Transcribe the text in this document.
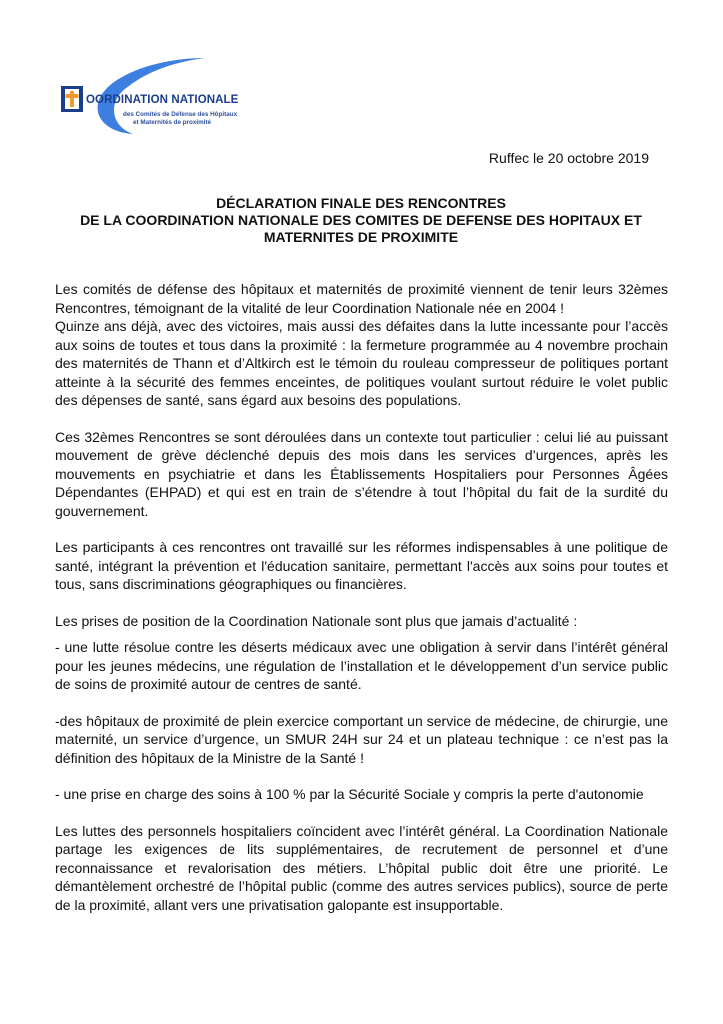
OORDINATION NATIONALE
des Comités de Défense des Hôpitaux
et Maternités de proximité
Ruffec le 20 octobre 2019
DÉCLARATION FINALE DES RENCONTRES
DE LA COORDINATION NATIONALE DES COMITES DE DEFENSE DES HOPITAUX ET
MATERNITES DE PROXIMITE

Les comités de défense des hôpitaux et maternités de proximité viennent de tenir leurs 32èmes Rencontres, témoignant de la vitalité de leur Coordination Nationale née en 2004 !

Quinze ans déjà, avec des victoires, mais aussi des défaites dans la lutte incessante pour l’accès aux soins de toutes et tous dans la proximité : la fermeture programmée au 4 novembre prochain des maternités de Thann et d’Altkirch est le témoin du rouleau compresseur de politiques portant atteinte à la sécurité des femmes enceintes, de politiques voulant surtout réduire le volet public des dépenses de santé, sans égard aux besoins des populations.

Ces 32èmes Rencontres se sont déroulées dans un contexte tout particulier : celui lié au puissant mouvement de grève déclenché depuis des mois dans les services d’urgences, après les mouvements en psychiatrie et dans les Établissements Hospitaliers pour Personnes Âgées Dépendantes (EHPAD) et qui est en train de s’étendre à tout l’hôpital du fait de la surdité du gouvernement.

Les participants à ces rencontres ont travaillé sur les réformes indispensables à une politique de santé, intégrant la prévention et l'éducation sanitaire, permettant l'accès aux soins pour toutes et tous, sans discriminations géographiques ou financières.

Les prises de position de la Coordination Nationale sont plus que jamais d’actualité :

- une lutte résolue contre les déserts médicaux avec une obligation à servir dans l’intérêt général pour les jeunes médecins, une régulation de l’installation et le développement d’un service public de soins de proximité autour de centres de santé.

-des hôpitaux de proximité de plein exercice comportant un service de médecine, de chirurgie, une maternité, un service d’urgence, un SMUR 24H sur 24 et un plateau technique : ce n’est pas la définition des hôpitaux de la Ministre de la Santé !

- une prise en charge des soins à 100 % par la Sécurité Sociale y compris la perte d'autonomie

Les luttes des personnels hospitaliers coïncident avec l’intérêt général. La Coordination Nationale partage les exigences de lits supplémentaires, de recrutement de personnel et d’une reconnaissance et revalorisation des métiers. L’hôpital public doit être une priorité. Le démantèlement orchestré de l’hôpital public (comme des autres services publics), source de perte de la proximité, allant vers une privatisation galopante est insupportable.
